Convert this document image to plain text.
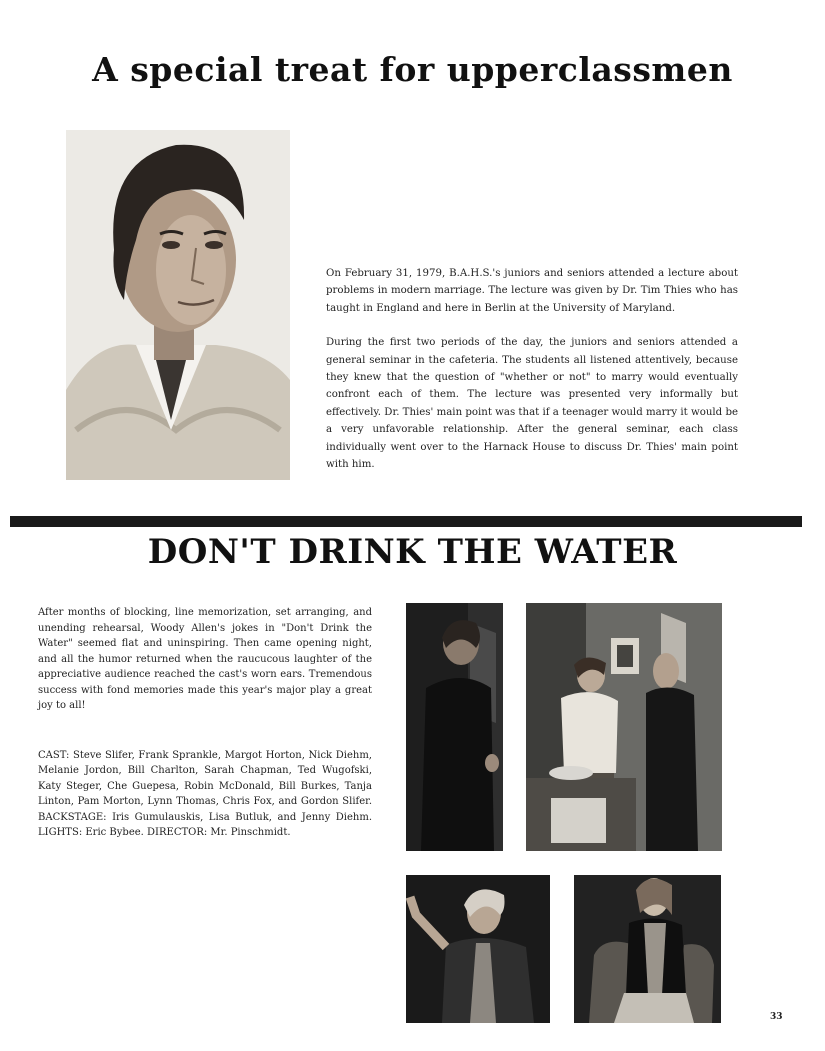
A special treat for upperclassmen

On February 31, 1979, B.A.H.S.'s juniors and seniors attended a lecture about problems in modern marriage. The lecture was given by Dr. Tim Thies who has taught in England and here in Berlin at the University of Maryland.

During the first two periods of the day, the juniors and seniors attended a general seminar in the cafeteria. The students all listened attentively, because they knew that the question of "whether or not" to marry would eventually confront each of them. The lecture was presented very informally but effectively. Dr. Thies' main point was that if a teenager would marry it would be a very unfavorable relationship. After the general seminar, each class individually went over to the Harnack House to discuss Dr. Thies' main point with him.

DON'T DRINK THE WATER

After months of blocking, line memorization, set arranging, and unending rehearsal, Woody Allen's jokes in "Don't Drink the Water" seemed flat and uninspiring. Then came opening night, and all the humor returned when the raucucous laughter of the appreciative audience reached the cast's worn ears. Tremendous success with fond memories made this year's major play a great joy to all!

CAST: Steve Slifer, Frank Sprankle, Margot Horton, Nick Diehm, Melanie Jordon, Bill Charlton, Sarah Chapman, Ted Wugofski, Katy Steger, Che Guepesa, Robin McDonald, Bill Burkes, Tanja Linton, Pam Morton, Lynn Thomas, Chris Fox, and Gordon Slifer. BACKSTAGE: Iris Gumulauskis, Lisa Butluk, and Jenny Diehm. LIGHTS: Eric Bybee. DIRECTOR: Mr. Pinschmidt.

33
